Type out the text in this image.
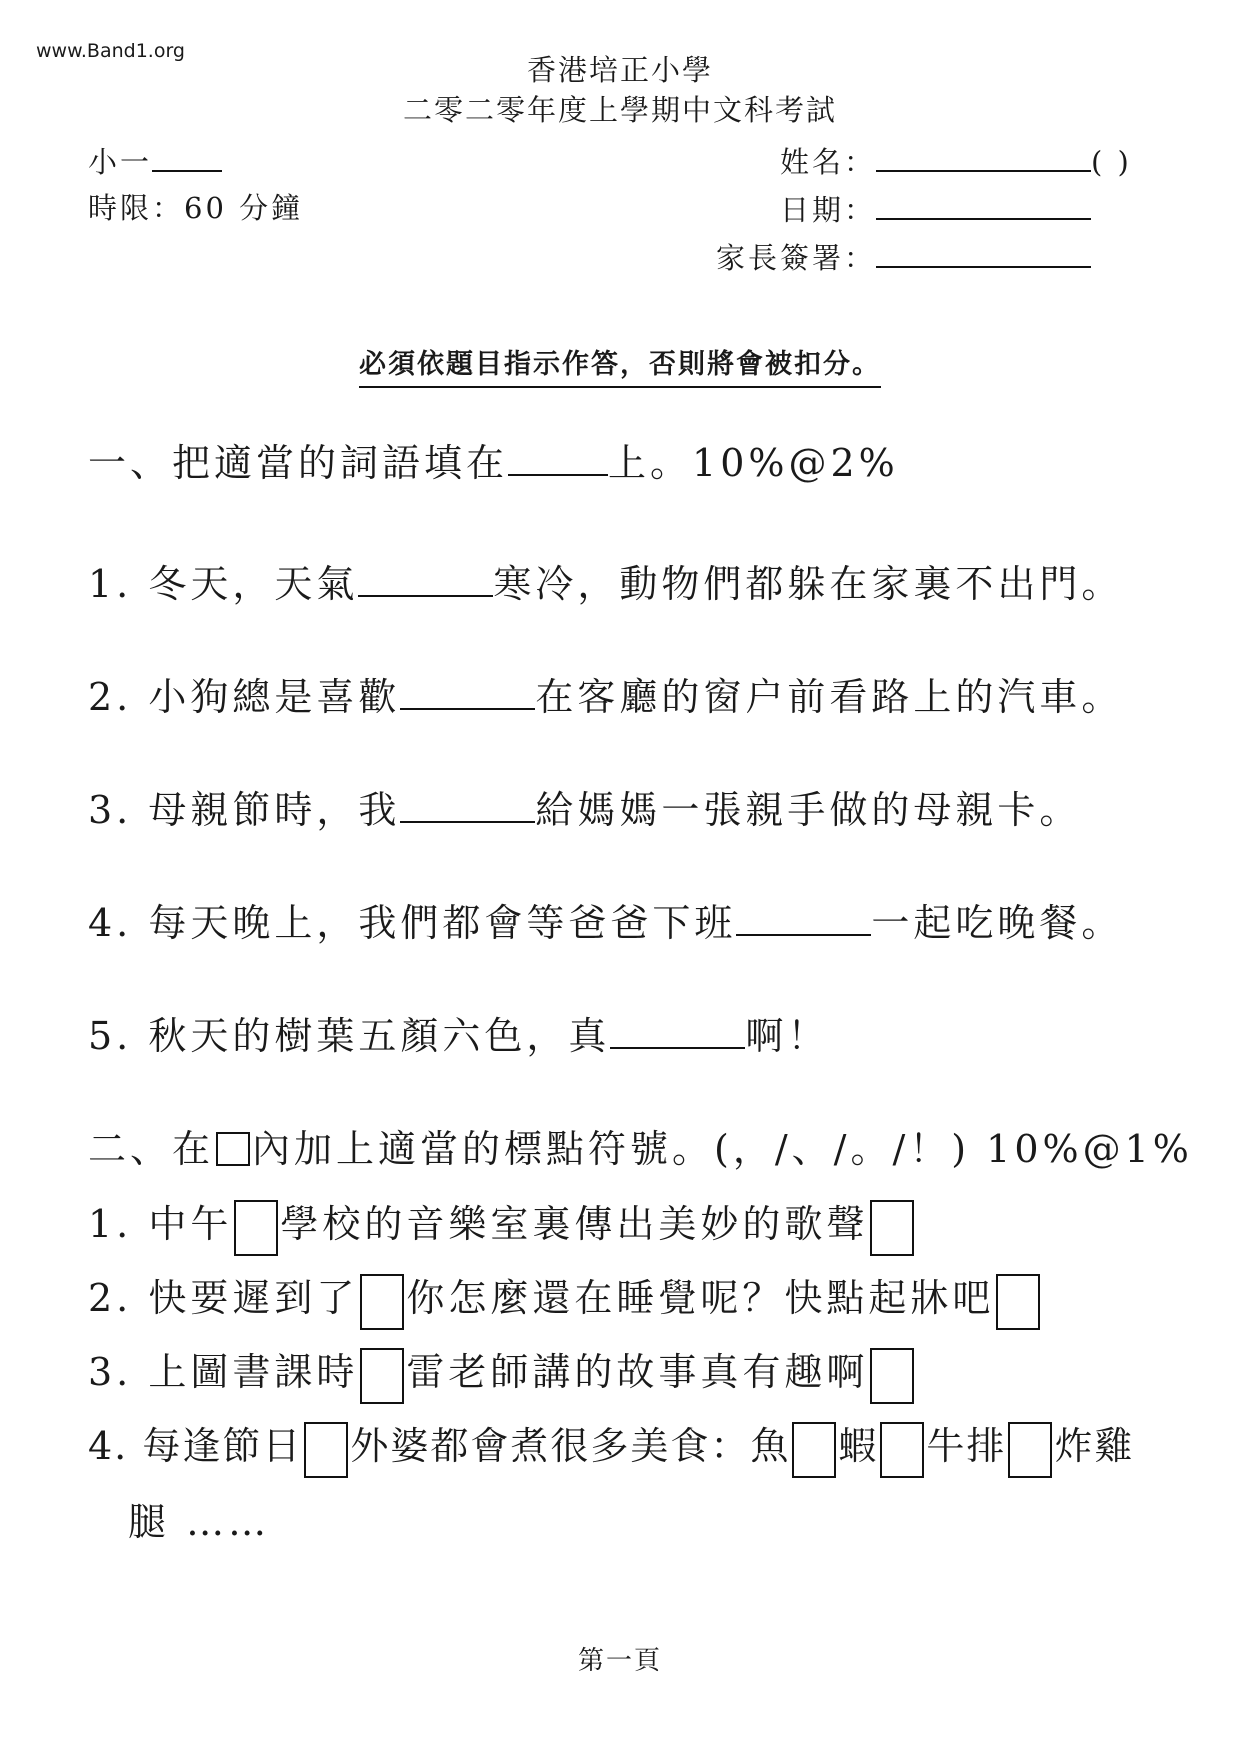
www.Band1.org
香港培正小學
二零二零年度上學期中文科考試
小一
時限：60 分鐘
姓名：	( )
日期：
家長簽署：
必須依題目指示作答，否則將會被扣分。
一、把適當的詞語填在	上。10%@2%
1. 冬天，天氣	寒冷，動物們都躲在家裏不出門。
2. 小狗總是喜歡	在客廳的窗户前看路上的汽車。
3. 母親節時，我	給媽媽一張親手做的母親卡。
4. 每天晚上，我們都會等爸爸下班	一起吃晚餐。
5. 秋天的樹葉五顏六色，真	啊！
二、在 內加上適當的標點符號。(，/、/。/！) 10%@1%
1. 中午 學校的音樂室裏傳出美妙的歌聲
2. 快要遲到了 你怎麼還在睡覺呢？快點起牀吧
3. 上圖書課時 雷老師講的故事真有趣啊
4. 每逢節日 外婆都會煮很多美食：魚 蝦 牛排 炸雞
腿 ……
第一頁
